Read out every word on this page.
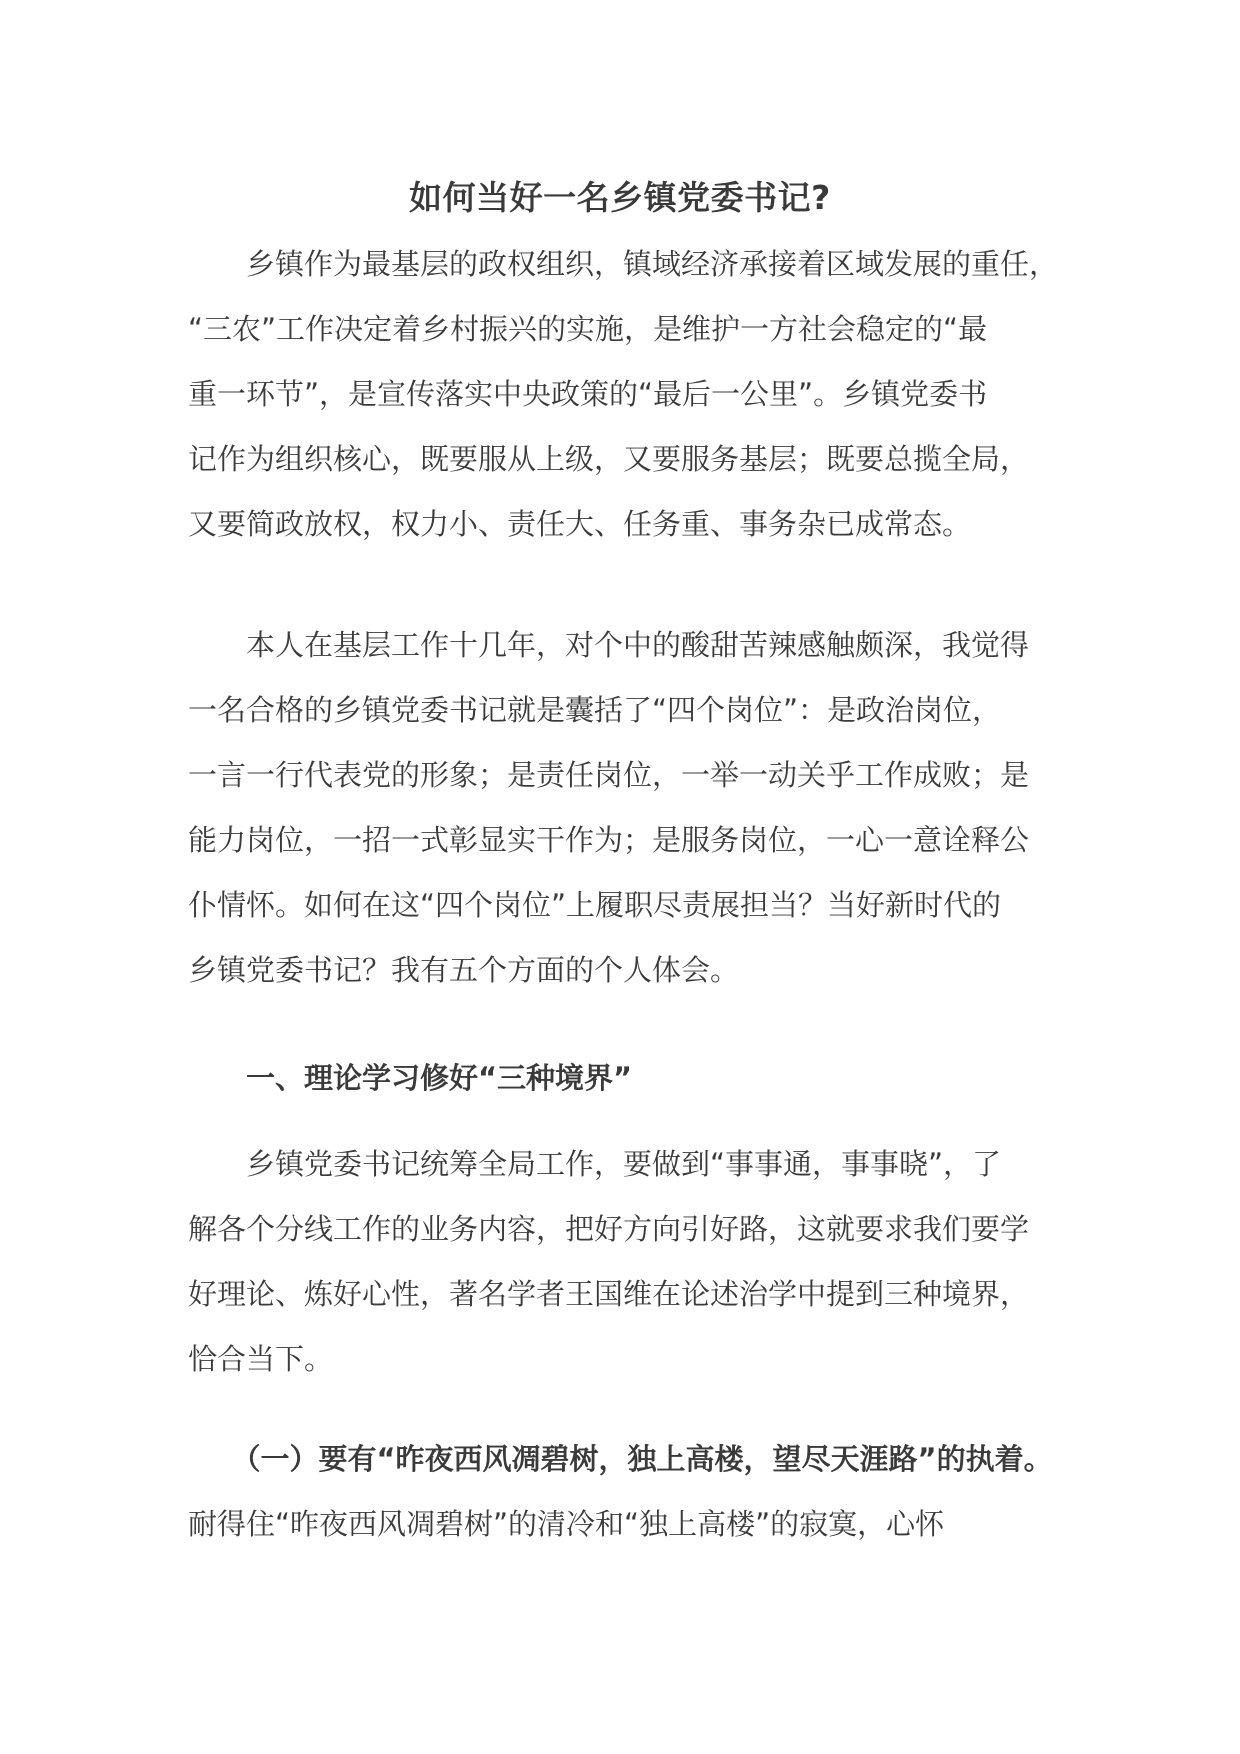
如何当好一名乡镇党委书记?

　　乡镇作为最基层的政权组织，镇域经济承接着区域发展的重任，
“三农”工作决定着乡村振兴的实施，是维护一方社会稳定的“最
重一环节”，是宣传落实中央政策的“最后一公里”。乡镇党委书
记作为组织核心，既要服从上级，又要服务基层；既要总揽全局，
又要简政放权，权力小、责任大、任务重、事务杂已成常态。

　　本人在基层工作十几年，对个中的酸甜苦辣感触颇深，我觉得
一名合格的乡镇党委书记就是囊括了“四个岗位”：是政治岗位，
一言一行代表党的形象；是责任岗位，一举一动关乎工作成败；是
能力岗位，一招一式彰显实干作为；是服务岗位，一心一意诠释公
仆情怀。如何在这“四个岗位”上履职尽责展担当？当好新时代的
乡镇党委书记？我有五个方面的个人体会。

　　一、理论学习修好“三种境界”

　　乡镇党委书记统筹全局工作，要做到“事事通，事事晓”，了
解各个分线工作的业务内容，把好方向引好路，这就要求我们要学
好理论、炼好心性，著名学者王国维在论述治学中提到三种境界，
恰合当下。

　　（一）要有“昨夜西风凋碧树，独上高楼，望尽天涯路”的执着。
耐得住“昨夜西风凋碧树”的清冷和“独上高楼”的寂寞，心怀
